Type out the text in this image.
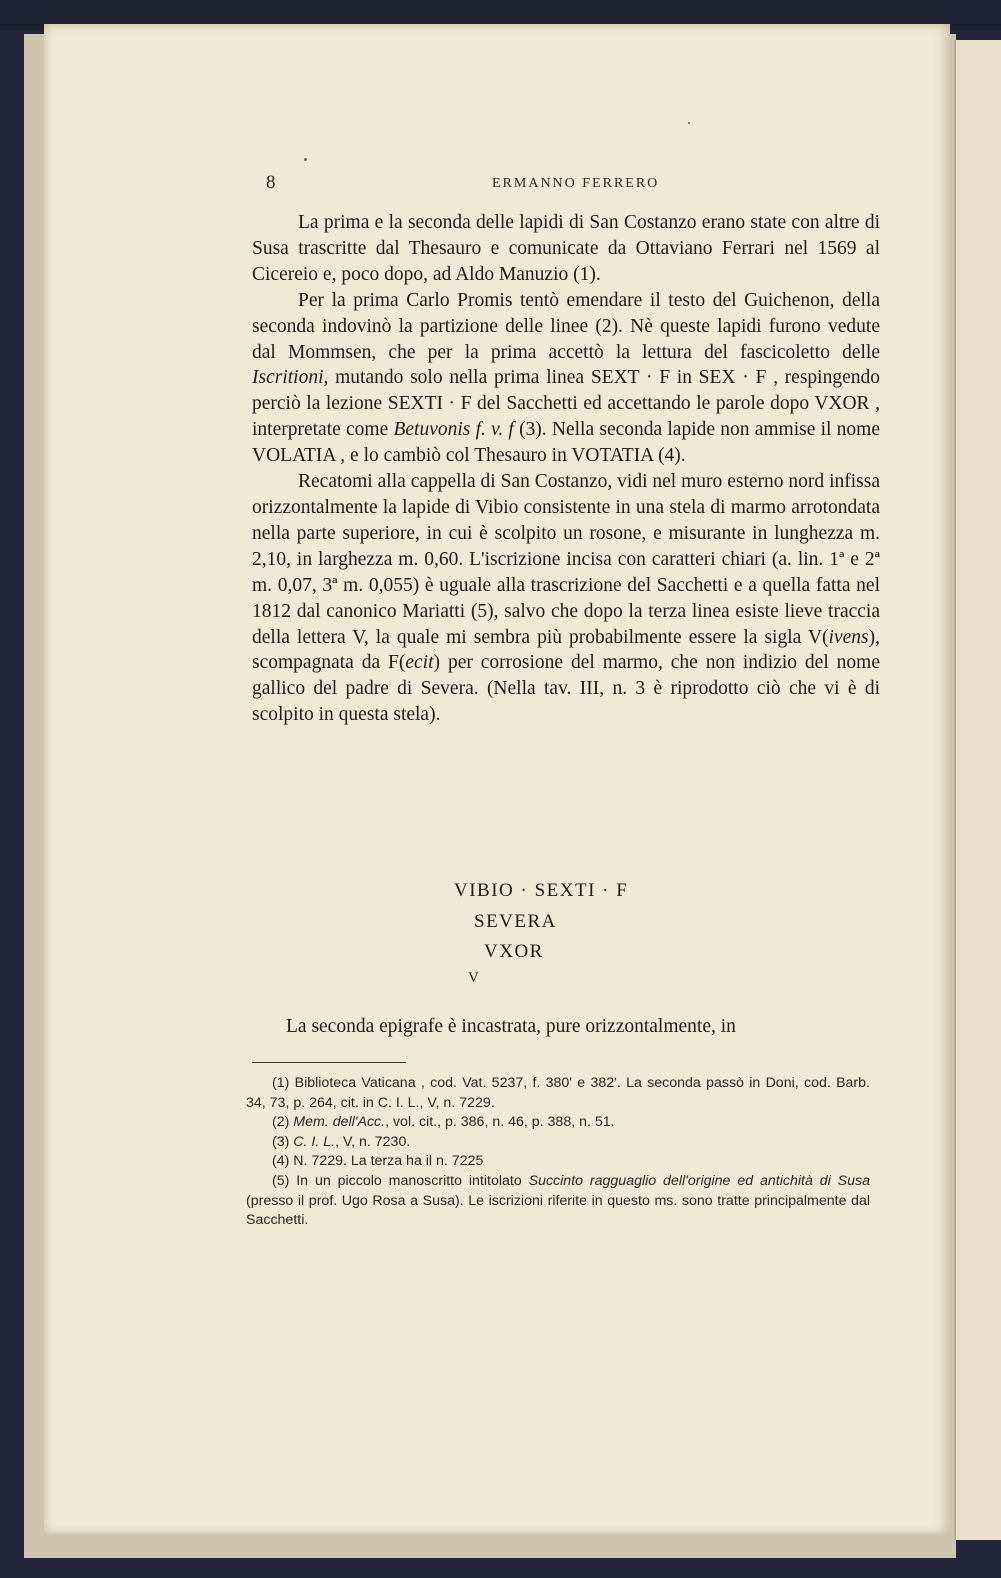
8	ERMANNO FERRERO

La prima e la seconda delle lapidi di San Costanzo erano state con altre di Susa trascritte dal Thesauro e comunicate da Ottaviano Ferrari nel 1569 al Cicereio e, poco dopo, ad Aldo Manuzio (1).

Per la prima Carlo Promis tentò emendare il testo del Guichenon, della seconda indovinò la partizione delle linee (2). Nè queste lapidi furono vedute dal Mommsen, che per la prima accettò la lettura del fascicoletto delle Iscritioni, mutando solo nella prima linea SEXT · F in SEX · F , respingendo perciò la lezione SEXTI · F del Sacchetti ed accettando le parole dopo VXOR , interpretate come Betuvonis f. v. f (3). Nella seconda lapide non ammise il nome VOLATIA , e lo cambiò col Thesauro in VOTATIA (4).

Recatomi alla cappella di San Costanzo, vidi nel muro esterno nord infissa orizzontalmente la lapide di Vibio consistente in una stela di marmo arrotondata nella parte superiore, in cui è scolpito un rosone, e misurante in lunghezza m. 2,10, in larghezza m. 0,60. L'iscrizione incisa con caratteri chiari (a. lin. 1ª e 2ª m. 0,07, 3ª m. 0,055) è uguale alla trascrizione del Sacchetti e a quella fatta nel 1812 dal canonico Mariatti (5), salvo che dopo la terza linea esiste lieve traccia della lettera V, la quale mi sembra più probabilmente essere la sigla V(ivens), scompagnata da F(ecit) per corrosione del marmo, che non indizio del nome gallico del padre di Severa. (Nella tav. III, n. 3 è riprodotto ciò che vi è di scolpito in questa stela).

VIBIO · SEXTI · F
SEVERA
VXOR
V
La seconda epigrafe è incastrata, pure orizzontalmente, in

(1) Biblioteca Vaticana , cod. Vat. 5237, f. 380' e 382'. La seconda passò in Doni, cod. Barb. 34, 73, p. 264, cit. in C. I. L., V, n. 7229.

(2) Mem. dell'Acc., vol. cit., p. 386, n. 46, p. 388, n. 51.

(3) C. I. L., V, n. 7230.

(4) N. 7229. La terza ha il n. 7225

(5) In un piccolo manoscritto intitolato Succinto ragguaglio dell'origine ed antichità di Susa (presso il prof. Ugo Rosa a Susa). Le iscrizioni riferite in questo ms. sono tratte principalmente dal Sacchetti.
